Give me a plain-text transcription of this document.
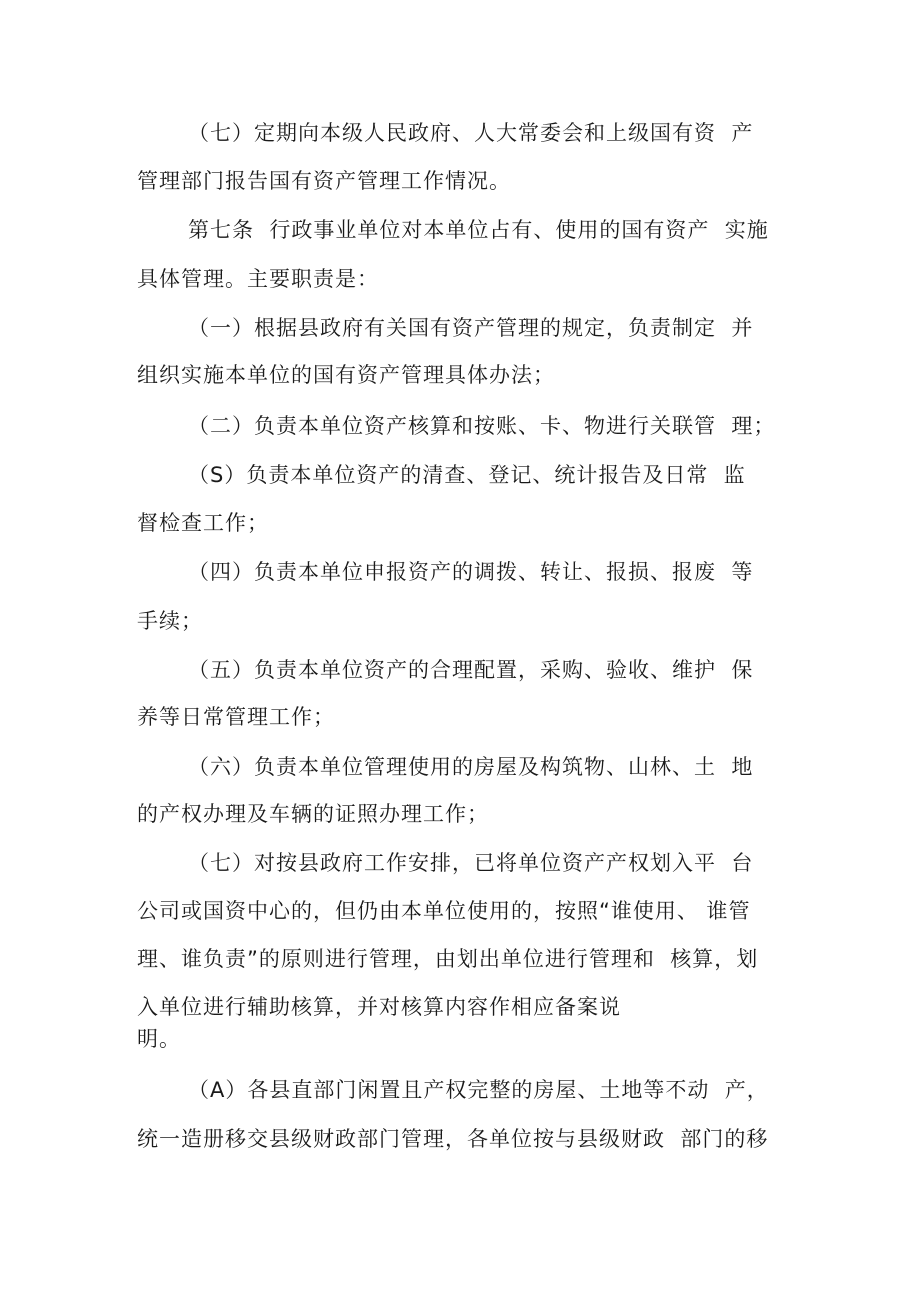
（七）定期向本级人民政府、人大常委会和上级国有资  产
管理部门报告国有资产管理工作情况。
第七条  行政事业单位对本单位占有、使用的国有资产  实施
具体管理。主要职责是：
（一）根据县政府有关国有资产管理的规定，负责制定  并
组织实施本单位的国有资产管理具体办法；
（二）负责本单位资产核算和按账、卡、物进行关联管  理；
（S）负责本单位资产的清查、登记、统计报告及日常  监
督检查工作；
（四）负责本单位申报资产的调拨、转让、报损、报废  等
手续；
（五）负责本单位资产的合理配置，采购、验收、维护  保
养等日常管理工作；
（六）负责本单位管理使用的房屋及构筑物、山林、土  地
的产权办理及车辆的证照办理工作；
（七）对按县政府工作安排，已将单位资产产权划入平  台
公司或国资中心的，但仍由本单位使用的，按照“谁使用、 谁管
理、谁负责”的原则进行管理，由划出单位进行管理和  核算，划
入单位进行辅助核算，并对核算内容作相应备案说
明。
（A）各县直部门闲置且产权完整的房屋、土地等不动  产，
统一造册移交县级财政部门管理，各单位按与县级财政  部门的移
